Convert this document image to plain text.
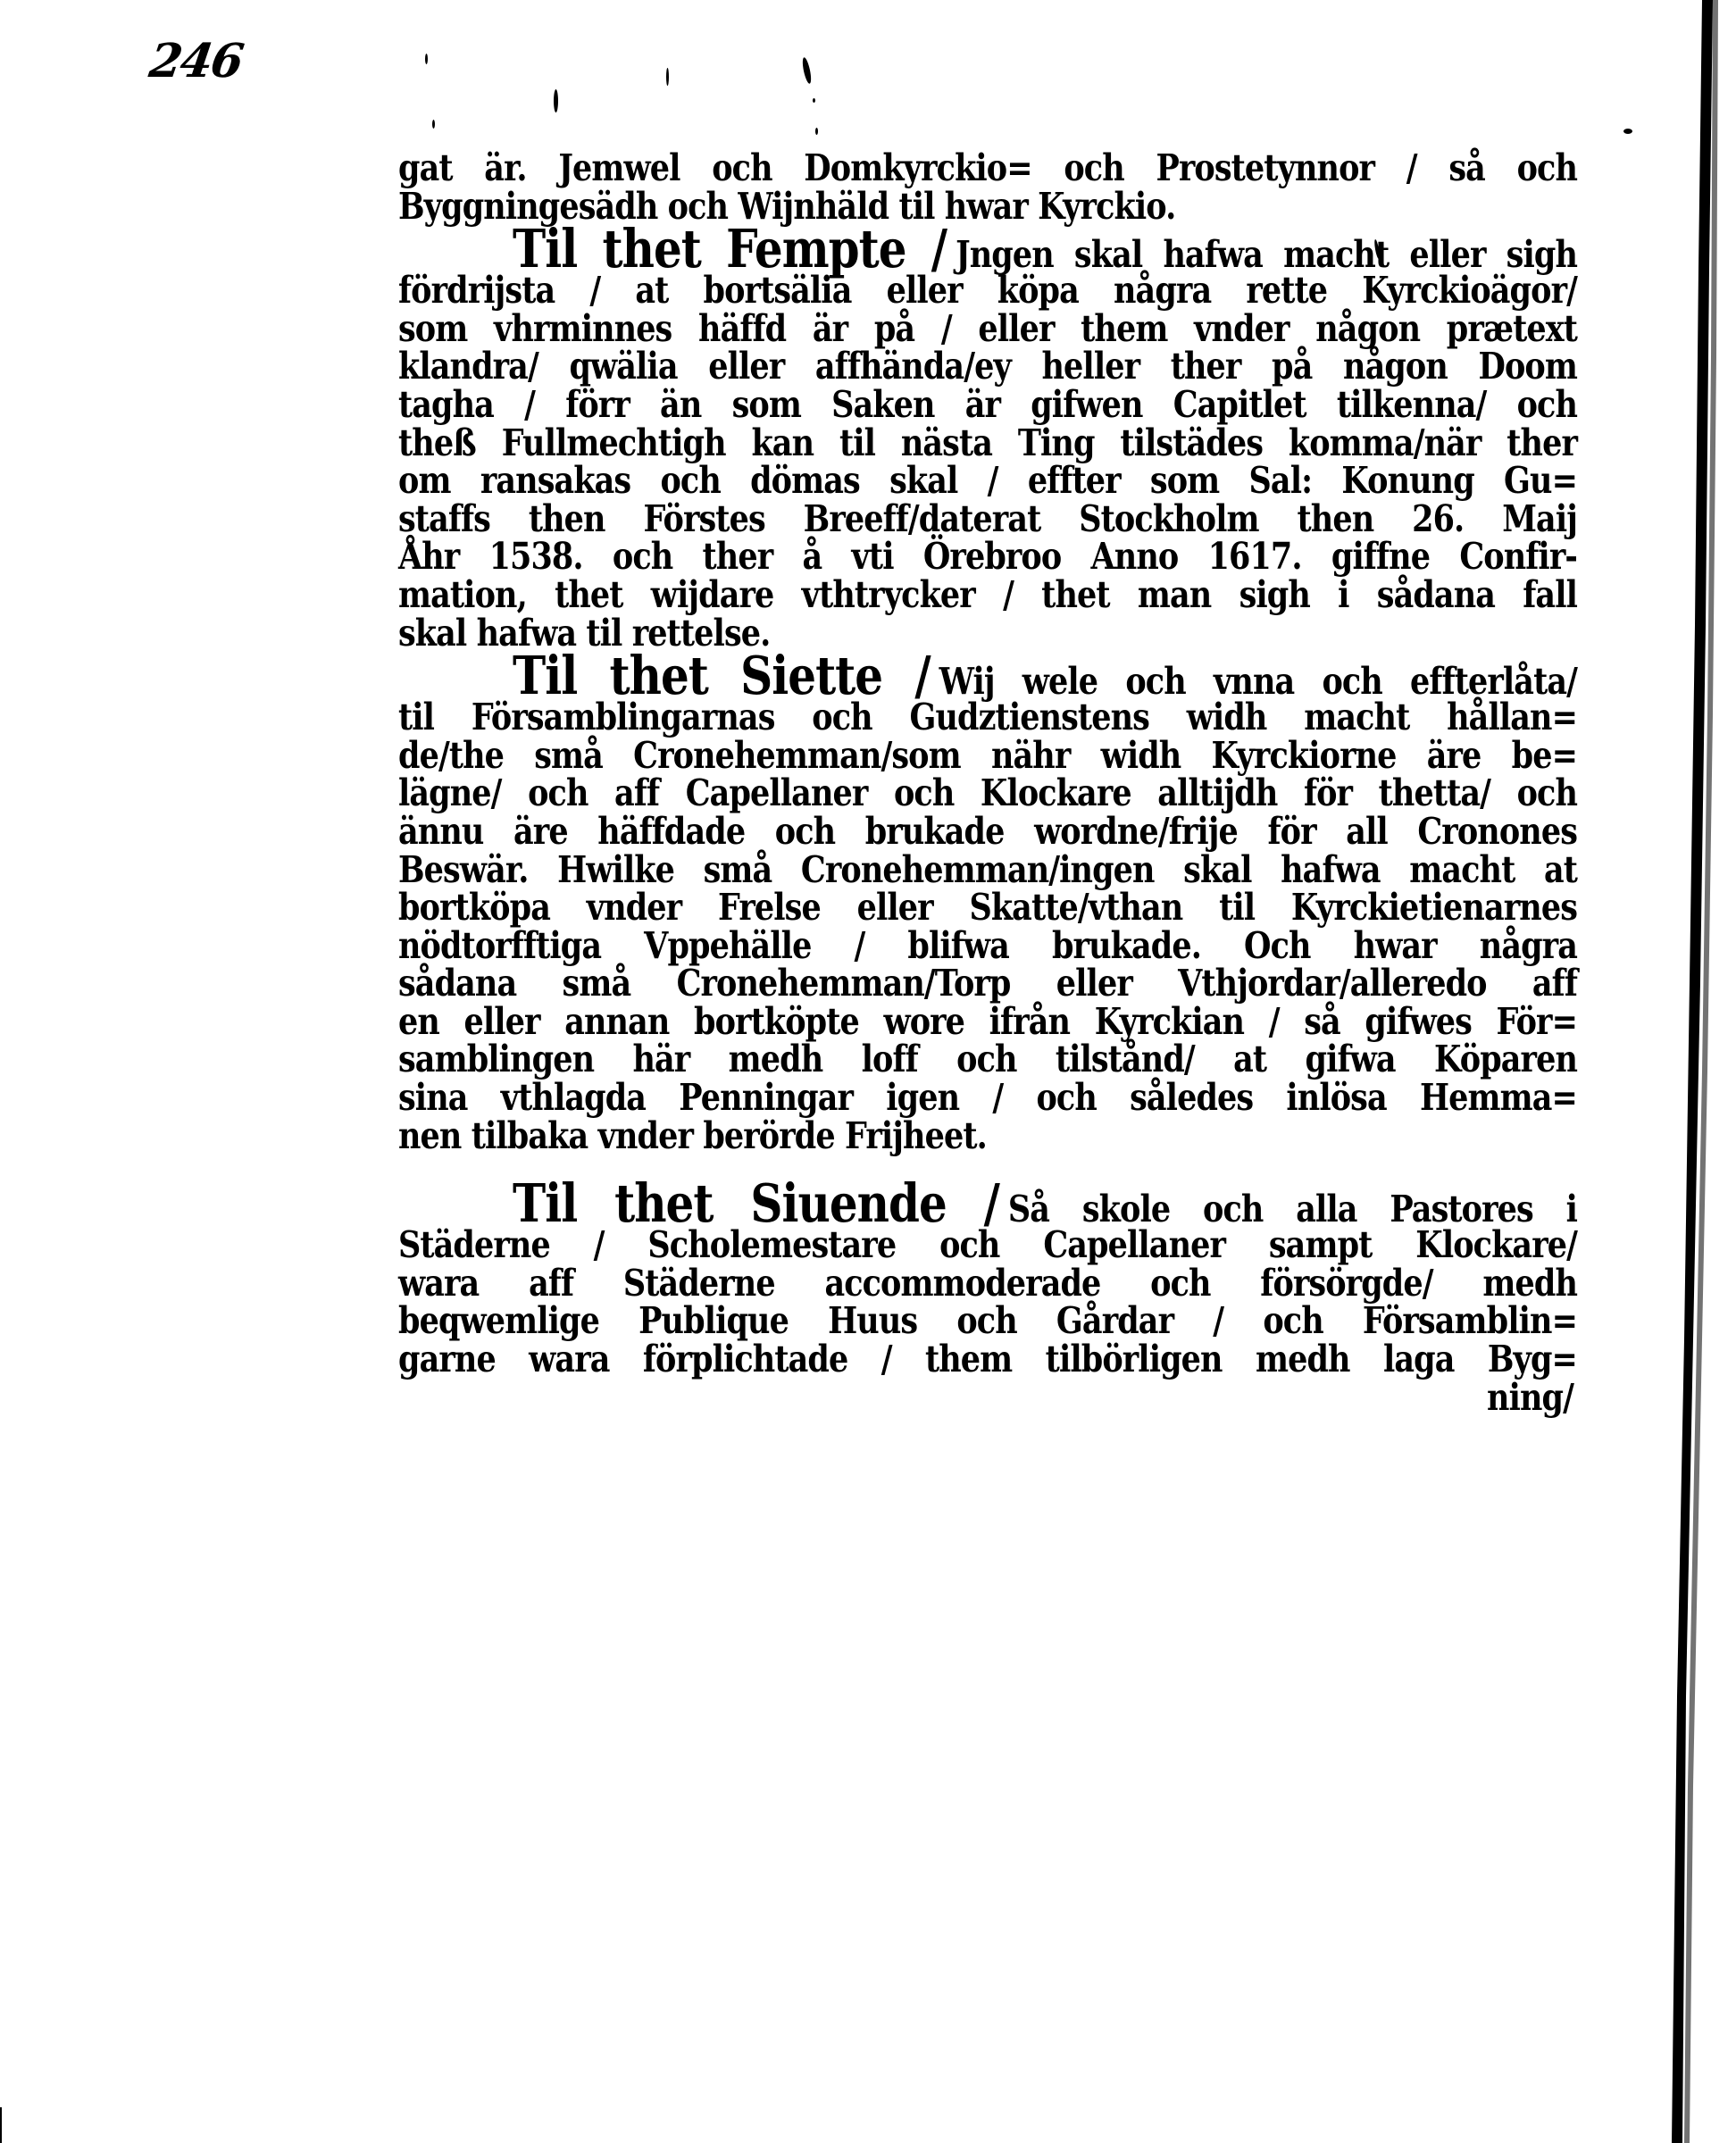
246
gat är. Jemwel och Domkyrckio= och Prostetynnor / så och
Byggningesädh och Wijnhäld til hwar Kyrckio.
Til thet Fempte / Jngen skal hafwa macht eller sigh
fördrijsta / at bortsälia eller köpa några rette Kyrckioägor/
som vhrminnes häffd är på / eller them vnder någon prætext
klandra/ qwälia eller affhända/ey heller ther på någon Doom
tagha / förr än som Saken är gifwen Capitlet tilkenna/ och
theß Fullmechtigh kan til nästa Ting tilstädes komma/när ther
om ransakas och dömas skal / effter som Sal: Konung Gu=
staffs then Förstes Breeff/daterat Stockholm then 26. Maij
Åhr 1538. och ther å vti Örebroo Anno 1617. giffne Confir-
mation, thet wijdare vthtrycker / thet man sigh i sådana fall
skal hafwa til rettelse.
Til thet Siette / Wij wele och vnna och effterlåta/
til Församblingarnas och Gudztienstens widh macht hållan=
de/the små Cronehemman/som nähr widh Kyrckiorne äre be=
lägne/ och aff Capellaner och Klockare alltijdh för thetta/ och
ännu äre häffdade och brukade wordne/frije för all Cronones
Beswär. Hwilke små Cronehemman/ingen skal hafwa macht at
bortköpa vnder Frelse eller Skatte/vthan til Kyrckietienarnes
nödtorfftiga Vppehälle / blifwa brukade. Och hwar några
sådana små Cronehemman/Torp eller Vthjordar/alleredo aff
en eller annan bortköpte wore ifrån Kyrckian / så gifwes För=
samblingen här medh loff och tilstånd/ at gifwa Köparen
sina vthlagda Penningar igen / och således inlösa Hemma=
nen tilbaka vnder berörde Frijheet.
Til thet Siuende / Så skole och alla Pastores i
Städerne / Scholemestare och Capellaner sampt Klockare/
wara aff Städerne accommoderade och försörgde/ medh
beqwemlige Publique Huus och Gårdar / och Församblin=
garne wara förplichtade / them tilbörligen medh laga Byg=
ning/
